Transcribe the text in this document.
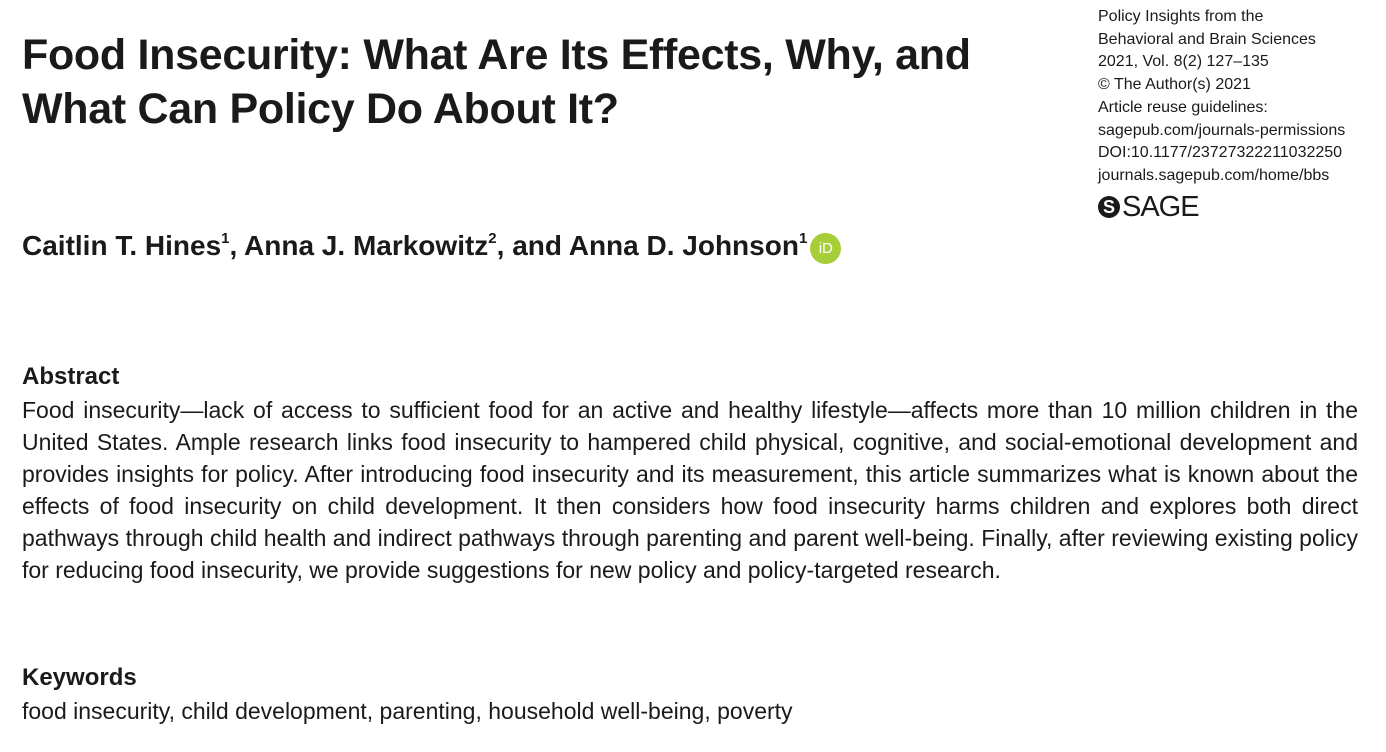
Food Insecurity: What Are Its Effects, Why, and What Can Policy Do About It?
Policy Insights from the
Behavioral and Brain Sciences
2021, Vol. 8(2) 127–135
© The Author(s) 2021
Article reuse guidelines:
sagepub.com/journals-permissions
DOI:10.1177/23727322211032250
journals.sagepub.com/home/bbs
S SAGE
Caitlin T. Hines$^1$, Anna J. Markowitz$^2$, and Anna D. Johnson$^1$iD
Abstract

Food insecurity—lack of access to sufficient food for an active and healthy lifestyle—affects more than 10 million children in the United States. Ample research links food insecurity to hampered child physical, cognitive, and social-emotional development and provides insights for policy. After introducing food insecurity and its measurement, this article summarizes what is known about the effects of food insecurity on child development. It then considers how food insecurity harms children and explores both direct pathways through child health and indirect pathways through parenting and parent well-being. Finally, after reviewing existing policy for reducing food insecurity, we provide suggestions for new policy and policy-targeted research.

Keywords

food insecurity, child development, parenting, household well-being, poverty
